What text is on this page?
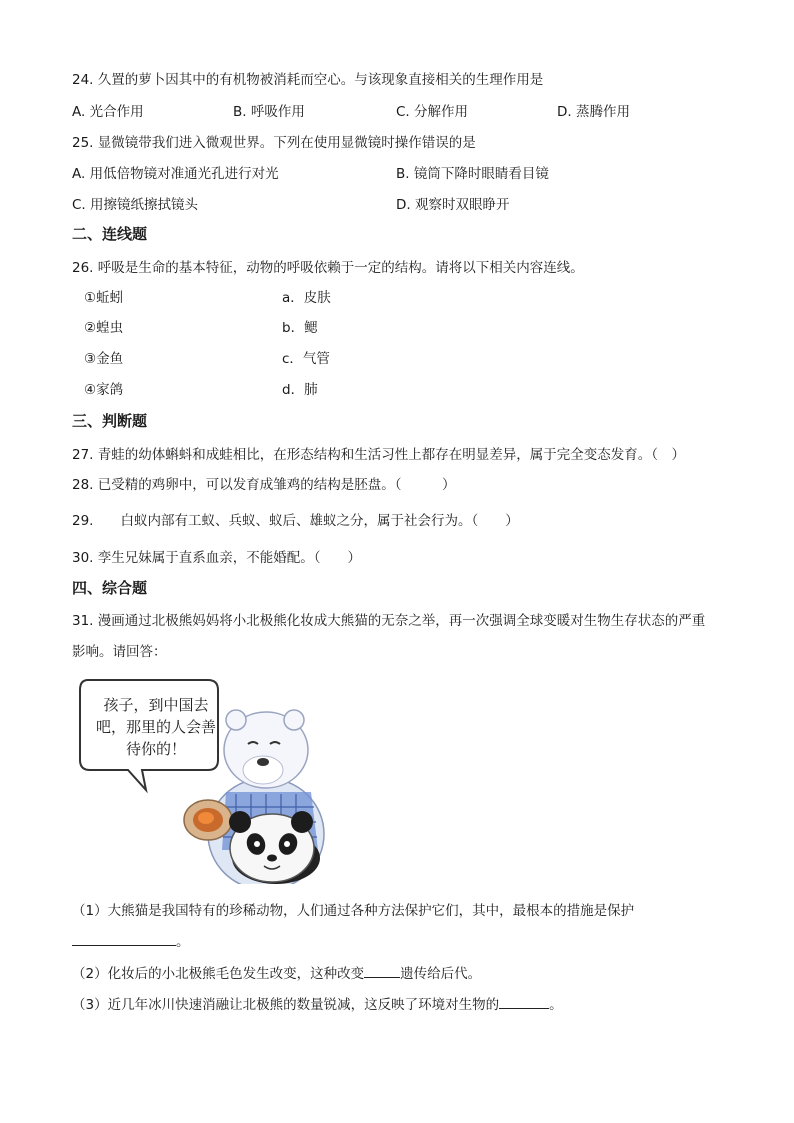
24. 久置的萝卜因其中的有机物被消耗而空心。与该现象直接相关的生理作用是
A. 光合作用	B. 呼吸作用	C. 分解作用	D. 蒸腾作用
25. 显微镜带我们进入微观世界。下列在使用显微镜时操作错误的是
A. 用低倍物镜对准通光孔进行对光	B. 镜筒下降时眼睛看目镜
C. 用擦镜纸擦拭镜头	D. 观察时双眼睁开
二、连线题
26. 呼吸是生命的基本特征，动物的呼吸依赖于一定的结构。请将以下相关内容连线。
①蚯蚓	a．皮肤
②蝗虫	b．鳃
③金鱼	c．气管
④家鸽	d．肺
三、判断题
27. 青蛙的幼体蝌蚪和成蛙相比，在形态结构和生活习性上都存在明显差异，属于完全变态发育。（　）
28. 已受精的鸡卵中，可以发育成雏鸡的结构是胚盘。（　　　）
29.　　白蚁内部有工蚁、兵蚁、蚁后、雄蚁之分，属于社会行为。（　　）
30. 孪生兄妹属于直系血亲，不能婚配。（　　）
四、综合题
31. 漫画通过北极熊妈妈将小北极熊化妆成大熊猫的无奈之举，再一次强调全球变暖对生物生存状态的严重
影响。请回答：
孩子，到中国去吧，那里的人会善待你的！
（1）大熊猫是我国特有的珍稀动物，人们通过各种方法保护它们，其中，最根本的措施是保护
。
（2）化妆后的小北极熊毛色发生改变，这种改变	遗传给后代。
（3）近几年冰川快速消融让北极熊的数量锐减，这反映了环境对生物的	。
